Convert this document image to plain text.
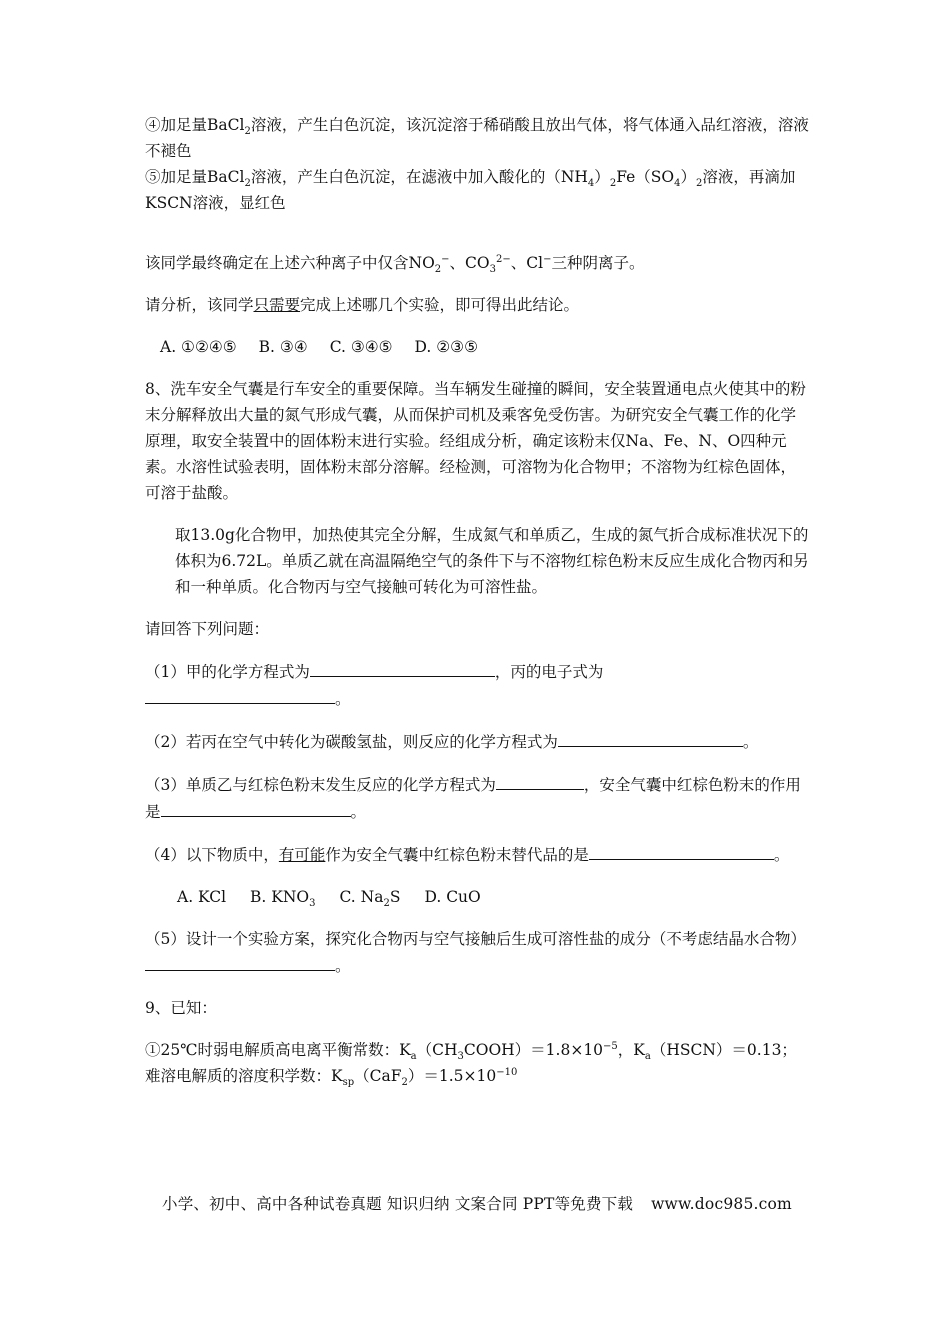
④加足量BaCl$_2$溶液，产生白色沉淀，该沉淀溶于稀硝酸且放出气体，将气体通入品红溶液，溶液不褪色

⑤加足量BaCl$_2$溶液，产生白色沉淀，在滤液中加入酸化的$(NH_4)_2Fe(SO_4)_2$溶液，再滴加KSCN溶液，显红色

该同学最终确定在上述六种离子中仅含$NO_2^-$、$CO_3^{2-}$、Cl−三种阴离子。

请分析，该同学只需要完成上述哪几个实验，即可得出此结论。

A. ①②④⑤ B. ③④ C. ③④⑤ D. ②③⑤

8、洗车安全气囊是行车安全的重要保障。当车辆发生碰撞的瞬间，安全装置通电点火使其中的粉末分解释放出大量的氮气形成气囊，从而保护司机及乘客免受伤害。为研究安全气囊工作的化学原理，取安全装置中的固体粉末进行实验。经组成分析，确定该粉末仅Na、Fe、N、O四种元素。水溶性试验表明，固体粉末部分溶解。经检测，可溶物为化合物甲；不溶物为红棕色固体，可溶于盐酸。

取13.0g化合物甲，加热使其完全分解，生成氮气和单质乙，生成的氮气折合成标准状况下的体积为6.72L。单质乙就在高温隔绝空气的条件下与不溶物红棕色粉末反应生成化合物丙和另和一种单质。化合物丙与空气接触可转化为可溶性盐。

请回答下列问题：

（1）甲的化学方程式为	，丙的电子式为。

（2）若丙在空气中转化为碳酸氢盐，则反应的化学方程式为	。

（3）单质乙与红棕色粉末发生反应的化学方程式为	，安全气囊中红棕色粉末的作用是	。

（4）以下物质中，有可能作为安全气囊中红棕色粉末替代品的是	。

A. KCl B. $KNO_3$ C. $Na_2S$ D. CuO

（5）设计一个实验方案，探究化合物丙与空气接触后生成可溶性盐的成分（不考虑结晶水合物）。

9、已知：

①25℃时弱电解质高电离平衡常数：$K_a(CH_3COOH)=1.8\times 10^{-5}$，$K_a(HSCN)=0.13$；难溶电解质的溶度积学数：$K_{sp}(CaF_2)=1.5\times 10^{-10}$

小学、初中、高中各种试卷真题 知识归纳 文案合同 PPT等免费下载 www.doc985.com
